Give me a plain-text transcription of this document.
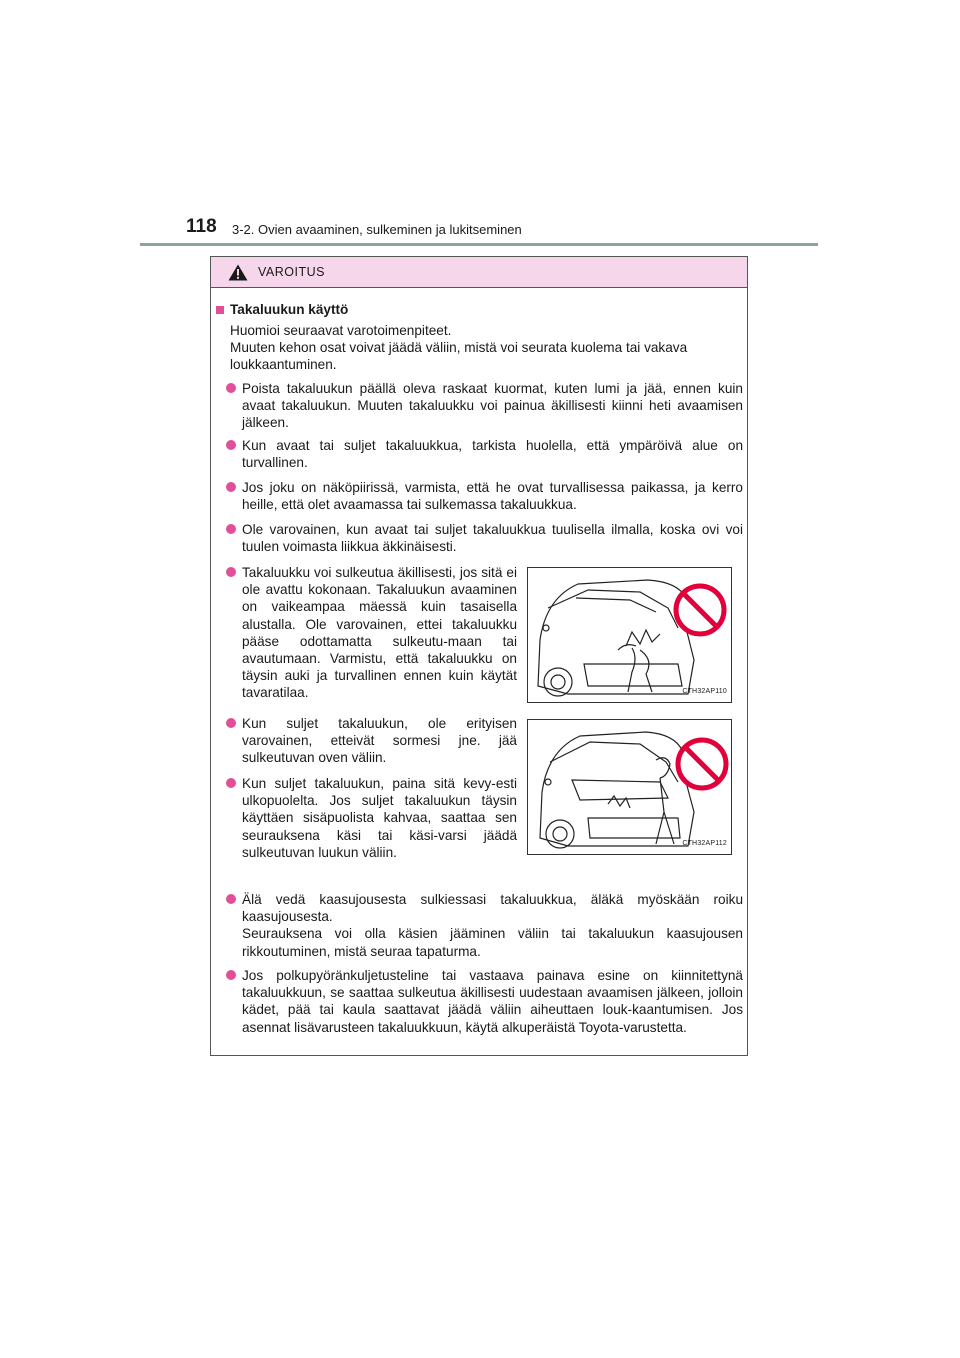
118 3-2. Ovien avaaminen, sulkeminen ja lukitseminen
VAROITUS
Takaluukun käyttö
Huomioi seuraavat varotoimenpiteet.
Muuten kehon osat voivat jäädä väliin, mistä voi seurata kuolema tai vakava loukkaantuminen.
Poista takaluukun päällä oleva raskaat kuormat, kuten lumi ja jää, ennen kuin avaat takaluukun. Muuten takaluukku voi painua äkillisesti kiinni heti avaamisen jälkeen.
Kun avaat tai suljet takaluukkua, tarkista huolella, että ympäröivä alue on turvallinen.
Jos joku on näköpiirissä, varmista, että he ovat turvallisessa paikassa, ja kerro heille, että olet avaamassa tai sulkemassa takaluukkua.
Ole varovainen, kun avaat tai suljet takaluukkua tuulisella ilmalla, koska ovi voi tuulen voimasta liikkua äkkinäisesti.
Takaluukku voi sulkeutua äkillisesti, jos sitä ei ole avattu kokonaan. Takaluukun avaaminen on vaikeampaa mäessä kuin tasaisella alustalla. Ole varovainen, ettei takaluukku pääse odottamatta sulkeutu-maan tai avautumaan. Varmistu, että takaluukku on täysin auki ja turvallinen ennen kuin käytät tavaratilaa.	CTH32AP110
Kun suljet takaluukun, ole erityisen varovainen, etteivät sormesi jne. jää sulkeutuvan oven väliin.
Kun suljet takaluukun, paina sitä kevy-esti ulkopuolelta. Jos suljet takaluukun täysin käyttäen sisäpuolista kahvaa, saattaa sen seurauksena käsi tai käsi-varsi jäädä sulkeutuvan luukun väliin.
CTH32AP112
Älä vedä kaasujousesta sulkiessasi takaluukkua, äläkä myöskään roiku kaasujousesta.
Seurauksena voi olla käsien jääminen väliin tai takaluukun kaasujousen rikkoutuminen, mistä seuraa tapaturma.
Jos polkupyöränkuljetusteline tai vastaava painava esine on kiinnitettynä takaluukkuun, se saattaa sulkeutua äkillisesti uudestaan avaamisen jälkeen, jolloin kädet, pää tai kaula saattavat jäädä väliin aiheuttaen louk-kaantumisen. Jos asennat lisävarusteen takaluukkuun, käytä alkuperäistä Toyota-varustetta.
